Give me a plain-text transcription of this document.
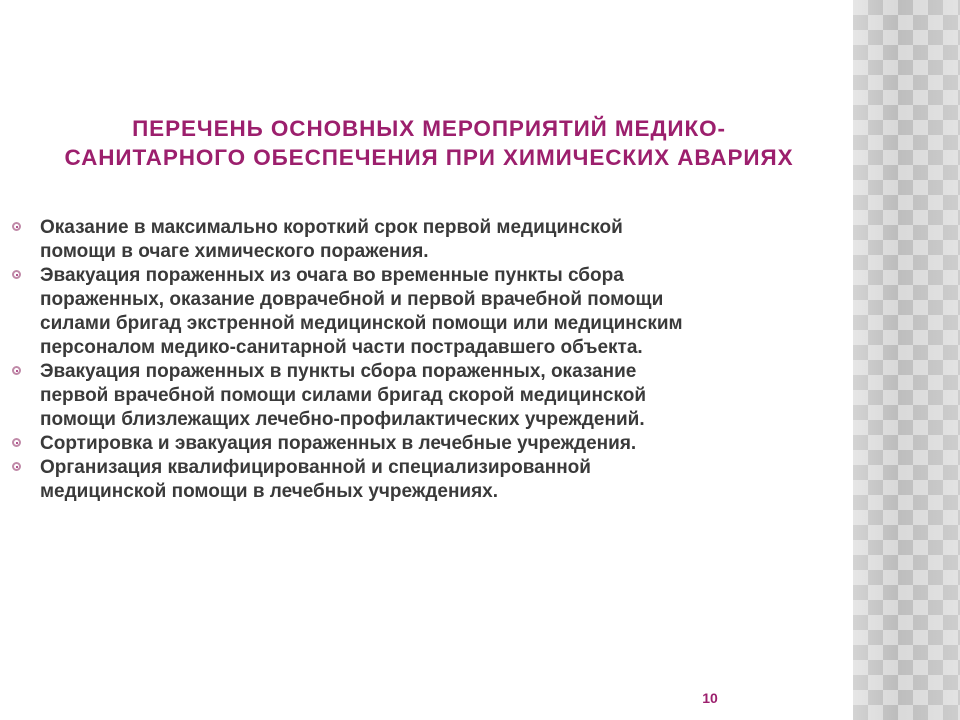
ПЕРЕЧЕНЬ ОСНОВНЫХ МЕРОПРИЯТИЙ МЕДИКО-
САНИТАРНОГО ОБЕСПЕЧЕНИЯ ПРИ ХИМИЧЕСКИХ АВАРИЯХ
Оказание в максимально короткий срок первой медицинской
помощи в очаге химического поражения.
Эвакуация пораженных из очага во временные пункты сбора
пораженных, оказание доврачебной и первой врачебной помощи
силами бригад экстренной медицинской помощи или медицинским
персоналом медико-санитарной части пострадавшего объекта.
Эвакуация пораженных в пункты сбора пораженных, оказание
первой врачебной помощи силами бригад скорой медицинской
помощи близлежащих лечебно-профилактических учреждений.
Сортировка и эвакуация пораженных в лечебные учреждения.
Организация квалифицированной и специализированной
медицинской помощи в лечебных учреждениях.
10
